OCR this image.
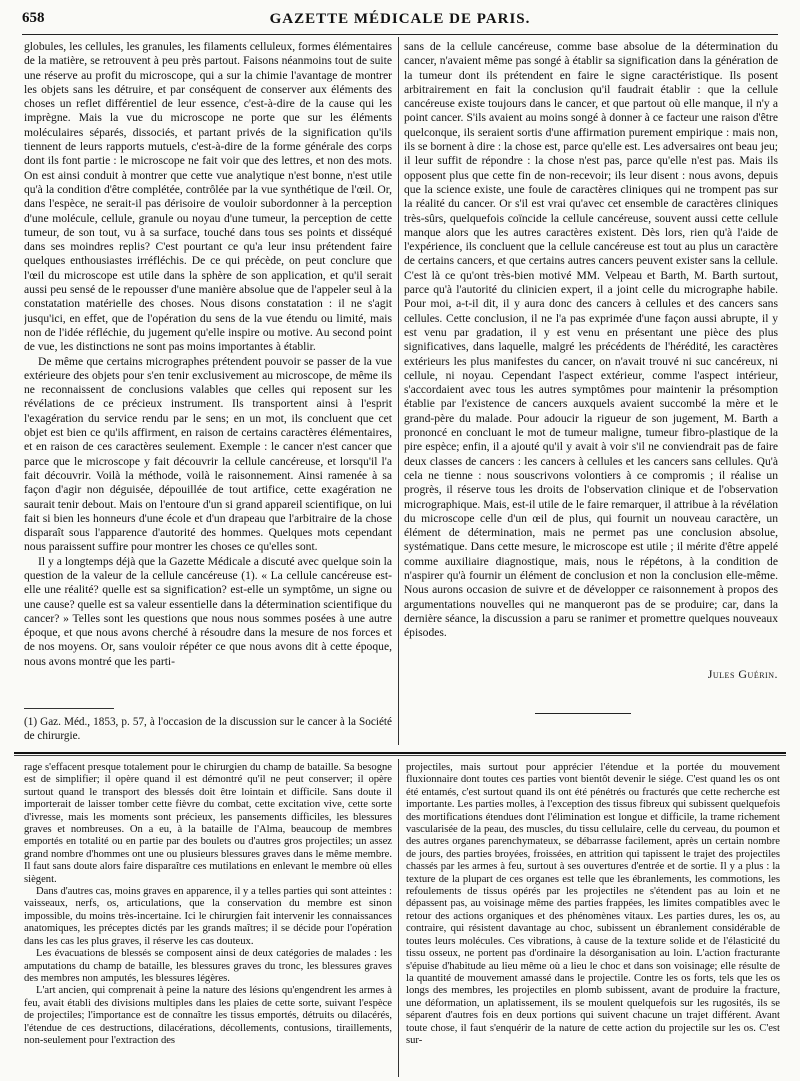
658	GAZETTE MÉDICALE DE PARIS.

globules, les cellules, les granules, les filaments celluleux, formes élémentaires de la matière, se retrouvent à peu près partout. Faisons néanmoins tout de suite une réserve au profit du microscope, qui a sur la chimie l'avantage de montrer les objets sans les détruire, et par conséquent de conserver aux éléments des choses un reflet différentiel de leur essence, c'est-à-dire de la cause qui les imprègne. Mais la vue du microscope ne porte que sur les éléments moléculaires séparés, dissociés, et partant privés de la signification qu'ils tiennent de leurs rapports mutuels, c'est-à-dire de la forme générale des corps dont ils font partie : le microscope ne fait voir que des lettres, et non des mots. On est ainsi conduit à montrer que cette vue analytique n'est bonne, n'est utile qu'à la condition d'être complétée, contrôlée par la vue synthétique de l'œil. Or, dans l'espèce, ne serait-il pas dérisoire de vouloir subordonner à la perception d'une molécule, cellule, granule ou noyau d'une tumeur, la perception de cette tumeur, de son tout, vu à sa surface, touché dans tous ses points et disséqué dans ses moindres replis? C'est pourtant ce qu'a leur insu prétendent faire quelques enthousiastes irréfléchis. De ce qui précède, on peut conclure que l'œil du microscope est utile dans la sphère de son application, et qu'il serait aussi peu sensé de le repousser d'une manière absolue que de l'appeler seul à la constatation matérielle des choses. Nous disons constatation : il ne s'agit jusqu'ici, en effet, que de l'opération du sens de la vue étendu ou limité, mais non de l'idée réfléchie, du jugement qu'elle inspire ou motive. Au second point de vue, les distinctions ne sont pas moins importantes à établir.

De même que certains micrographes prétendent pouvoir se passer de la vue extérieure des objets pour s'en tenir exclusivement au microscope, de même ils ne reconnaissent de conclusions valables que celles qui reposent sur les révélations de ce précieux instrument. Ils transportent ainsi à l'esprit l'exagération du service rendu par le sens; en un mot, ils concluent que cet objet est bien ce qu'ils affirment, en raison de certains caractères élémentaires, et en raison de ces caractères seulement. Exemple : le cancer n'est cancer que parce que le microscope y fait découvrir la cellule cancéreuse, et lorsqu'il l'a fait découvrir. Voilà la méthode, voilà le raisonnement. Ainsi ramenée à sa façon d'agir non déguisée, dépouillée de tout artifice, cette exagération ne saurait tenir debout. Mais on l'entoure d'un si grand appareil scientifique, on lui fait si bien les honneurs d'une école et d'un drapeau que l'arbitraire de la chose disparaît sous l'apparence d'autorité des hommes. Quelques mots cependant nous paraissent suffire pour montrer les choses ce qu'elles sont.

Il y a longtemps déjà que la Gazette Médicale a discuté avec quelque soin la question de la valeur de la cellule cancéreuse (1). « La cellule cancéreuse est-elle une réalité? quelle est sa signification? est-elle un symptôme, un signe ou une cause? quelle est sa valeur essentielle dans la détermination scientifique du cancer? » Telles sont les questions que nous nous sommes posées à une autre époque, et que nous avons cherché à résoudre dans la mesure de nos forces et de nos moyens. Or, sans vouloir répéter ce que nous avons dit à cette époque, nous avons montré que les parti-

sans de la cellule cancéreuse, comme base absolue de la détermination du cancer, n'avaient même pas songé à établir sa signification dans la génération de la tumeur dont ils prétendent en faire le signe caractéristique. Ils posent arbitrairement en fait la conclusion qu'il faudrait établir : que la cellule cancéreuse existe toujours dans le cancer, et que partout où elle manque, il n'y a point cancer. S'ils avaient au moins songé à donner à ce facteur une raison d'être quelconque, ils seraient sortis d'une affirmation purement empirique : mais non, ils se bornent à dire : la chose est, parce qu'elle est. Les adversaires ont beau jeu; il leur suffit de répondre : la chose n'est pas, parce qu'elle n'est pas. Mais ils opposent plus que cette fin de non-recevoir; ils leur disent : nous avons, depuis que la science existe, une foule de caractères cliniques qui ne trompent pas sur la réalité du cancer. Or s'il est vrai qu'avec cet ensemble de caractères cliniques très-sûrs, quelquefois coïncide la cellule cancéreuse, souvent aussi cette cellule manque alors que les autres caractères existent. Dès lors, rien qu'à l'aide de l'expérience, ils concluent que la cellule cancéreuse est tout au plus un caractère de certains cancers, et que certains autres cancers peuvent exister sans la cellule. C'est là ce qu'ont très-bien motivé MM. Velpeau et Barth, M. Barth surtout, parce qu'à l'autorité du clinicien expert, il a joint celle du micrographe habile. Pour moi, a-t-il dit, il y aura donc des cancers à cellules et des cancers sans cellules. Cette conclusion, il ne l'a pas exprimée d'une façon aussi abrupte, il y est venu par gradation, il y est venu en présentant une pièce des plus significatives, dans laquelle, malgré les précédents de l'hérédité, les caractères extérieurs les plus manifestes du cancer, on n'avait trouvé ni suc cancéreux, ni cellule, ni noyau. Cependant l'aspect extérieur, comme l'aspect intérieur, s'accordaient avec tous les autres symptômes pour maintenir la présomption établie par l'existence de cancers auxquels avaient succombé la mère et le grand-père du malade. Pour adoucir la rigueur de son jugement, M. Barth a prononcé en concluant le mot de tumeur maligne, tumeur fibro-plastique de la pire espèce; enfin, il a ajouté qu'il y avait à voir s'il ne conviendrait pas de faire deux classes de cancers : les cancers à cellules et les cancers sans cellules. Qu'à cela ne tienne : nous souscrivons volontiers à ce compromis ; il réalise un progrès, il réserve tous les droits de l'observation clinique et de l'observation micrographique. Mais, est-il utile de le faire remarquer, il attribue à la révélation du microscope celle d'un œil de plus, qui fournit un nouveau caractère, un élément de détermination, mais ne permet pas une conclusion absolue, systématique. Dans cette mesure, le microscope est utile ; il mérite d'être appelé comme auxiliaire diagnostique, mais, nous le répétons, à la condition de n'aspirer qu'à fournir un élément de conclusion et non la conclusion elle-même. Nous aurons occasion de suivre et de développer ce raisonnement à propos des argumentations nouvelles qui ne manqueront pas de se produire; car, dans la dernière séance, la discussion a paru se ranimer et promettre quelques nouveaux épisodes.

Jules Guérin.
(1) Gaz. Méd., 1853, p. 57, à l'occasion de la discussion sur le cancer à la Société de chirurgie.

rage s'effacent presque totalement pour le chirurgien du champ de bataille. Sa besogne est de simplifier; il opère quand il est démontré qu'il ne peut conserver; il opère surtout quand le transport des blessés doit être lointain et difficile. Sans doute il importerait de laisser tomber cette fièvre du combat, cette excitation vive, cette sorte d'ivresse, mais les moments sont précieux, les pansements difficiles, les blessures graves et nombreuses. On a eu, à la bataille de l'Alma, beaucoup de membres emportés en totalité ou en partie par des boulets ou d'autres gros projectiles; un assez grand nombre d'hommes ont une ou plusieurs blessures graves dans le même membre. Il faut sans doute alors faire disparaître ces mutilations en enlevant le membre où elles siègent.

Dans d'autres cas, moins graves en apparence, il y a telles parties qui sont atteintes : vaisseaux, nerfs, os, articulations, que la conservation du membre est sinon impossible, du moins très-incertaine. Ici le chirurgien fait intervenir les connaissances anatomiques, les préceptes dictés par les grands maîtres; il se décide pour l'opération dans les cas les plus graves, il réserve les cas douteux.

Les évacuations de blessés se composent ainsi de deux catégories de malades : les amputations du champ de bataille, les blessures graves du tronc, les blessures graves des membres non amputés, les blessures légères.

L'art ancien, qui comprenait à peine la nature des lésions qu'engendrent les armes à feu, avait établi des divisions multiples dans les plaies de cette sorte, suivant l'espèce de projectiles; l'importance est de connaître les tissus emportés, détruits ou dilacérés, l'étendue de ces destructions, dilacérations, décollements, contusions, tiraillements, non-seulement pour l'extraction des

projectiles, mais surtout pour apprécier l'étendue et la portée du mouvement fluxionnaire dont toutes ces parties vont bientôt devenir le siége. C'est quand les os ont été entamés, c'est surtout quand ils ont été pénétrés ou fracturés que cette recherche est importante. Les parties molles, à l'exception des tissus fibreux qui subissent quelquefois des mortifications étendues dont l'élimination est longue et difficile, la trame richement vascularisée de la peau, des muscles, du tissu cellulaire, celle du cerveau, du poumon et des autres organes parenchymateux, se débarrasse facilement, après un certain nombre de jours, des parties broyées, froissées, en attrition qui tapissent le trajet des projectiles chassés par les armes à feu, surtout à ses ouvertures d'entrée et de sortie. Il y a plus : la texture de la plupart de ces organes est telle que les ébranlements, les commotions, les refoulements de tissus opérés par les projectiles ne s'étendent pas au loin et ne dépassent pas, au voisinage même des parties frappées, les limites compatibles avec le retour des actions organiques et des phénomènes vitaux. Les parties dures, les os, au contraire, qui résistent davantage au choc, subissent un ébranlement considérable de toutes leurs molécules. Ces vibrations, à cause de la texture solide et de l'élasticité du tissu osseux, ne portent pas d'ordinaire la désorganisation au loin. L'action fracturante s'épuise d'habitude au lieu même où a lieu le choc et dans son voisinage; elle résulte de la quantité de mouvement amassé dans le projectile. Contre les os forts, tels que les os longs des membres, les projectiles en plomb subissent, avant de produire la fracture, une déformation, un aplatissement, ils se moulent quelquefois sur les rugosités, ils se séparent d'autres fois en deux portions qui suivent chacune un trajet différent. Avant toute chose, il faut s'enquérir de la nature de cette action du projectile sur les os. C'est sur-
